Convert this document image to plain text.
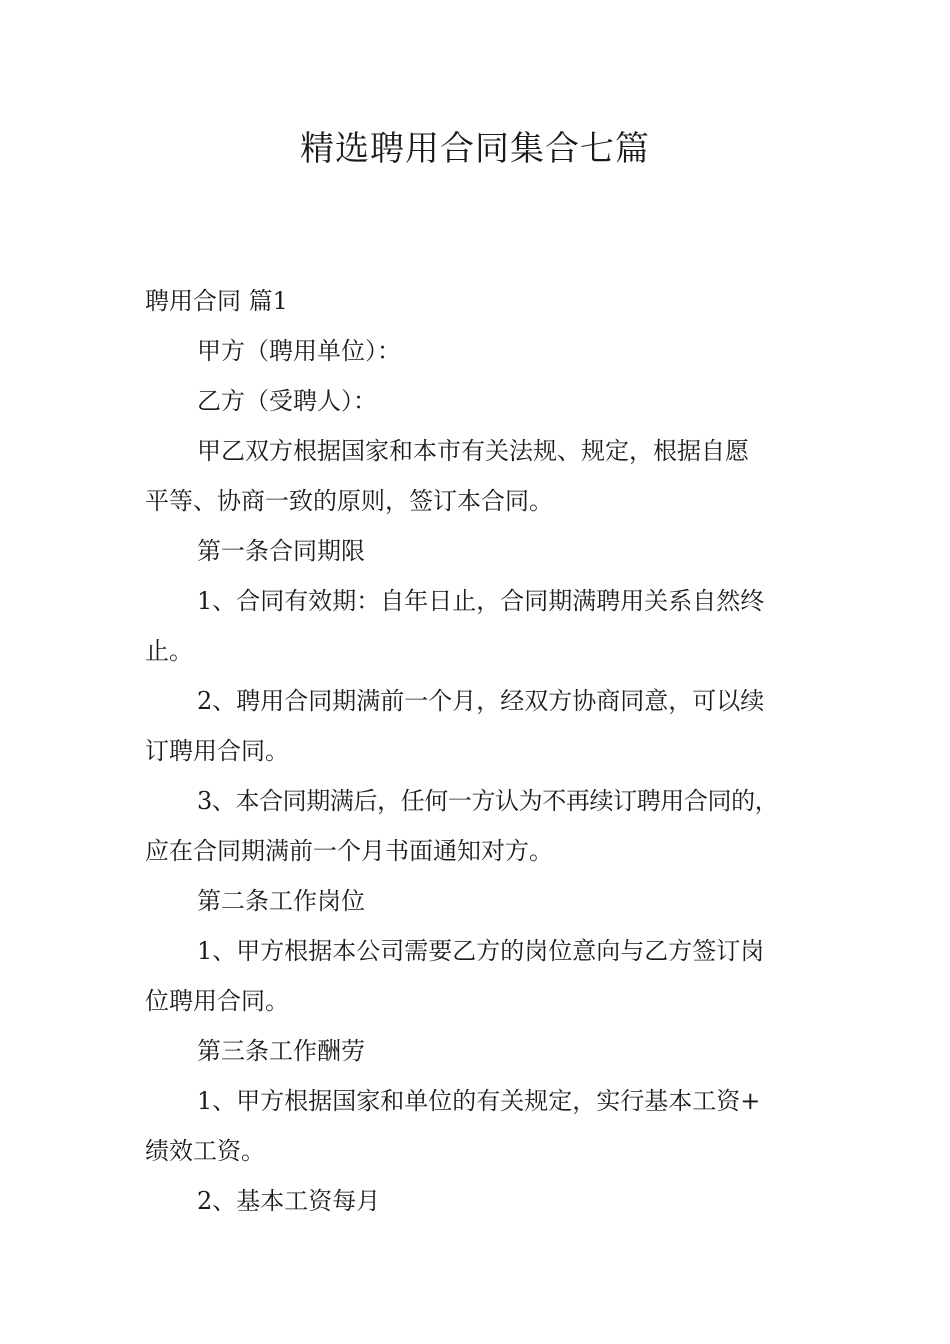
精选聘用合同集合七篇
聘用合同 篇1
甲方（聘用单位）：
乙方（受聘人）：
甲乙双方根据国家和本市有关法规、规定，根据自愿
平等、协商一致的原则，签订本合同。
第一条合同期限
1、合同有效期：自年日止，合同期满聘用关系自然终
止。
2、聘用合同期满前一个月，经双方协商同意，可以续
订聘用合同。
3、本合同期满后，任何一方认为不再续订聘用合同的，
应在合同期满前一个月书面通知对方。
第二条工作岗位
1、甲方根据本公司需要乙方的岗位意向与乙方签订岗
位聘用合同。
第三条工作酬劳
1、甲方根据国家和单位的有关规定，实行基本工资+
绩效工资。
2、基本工资每月
